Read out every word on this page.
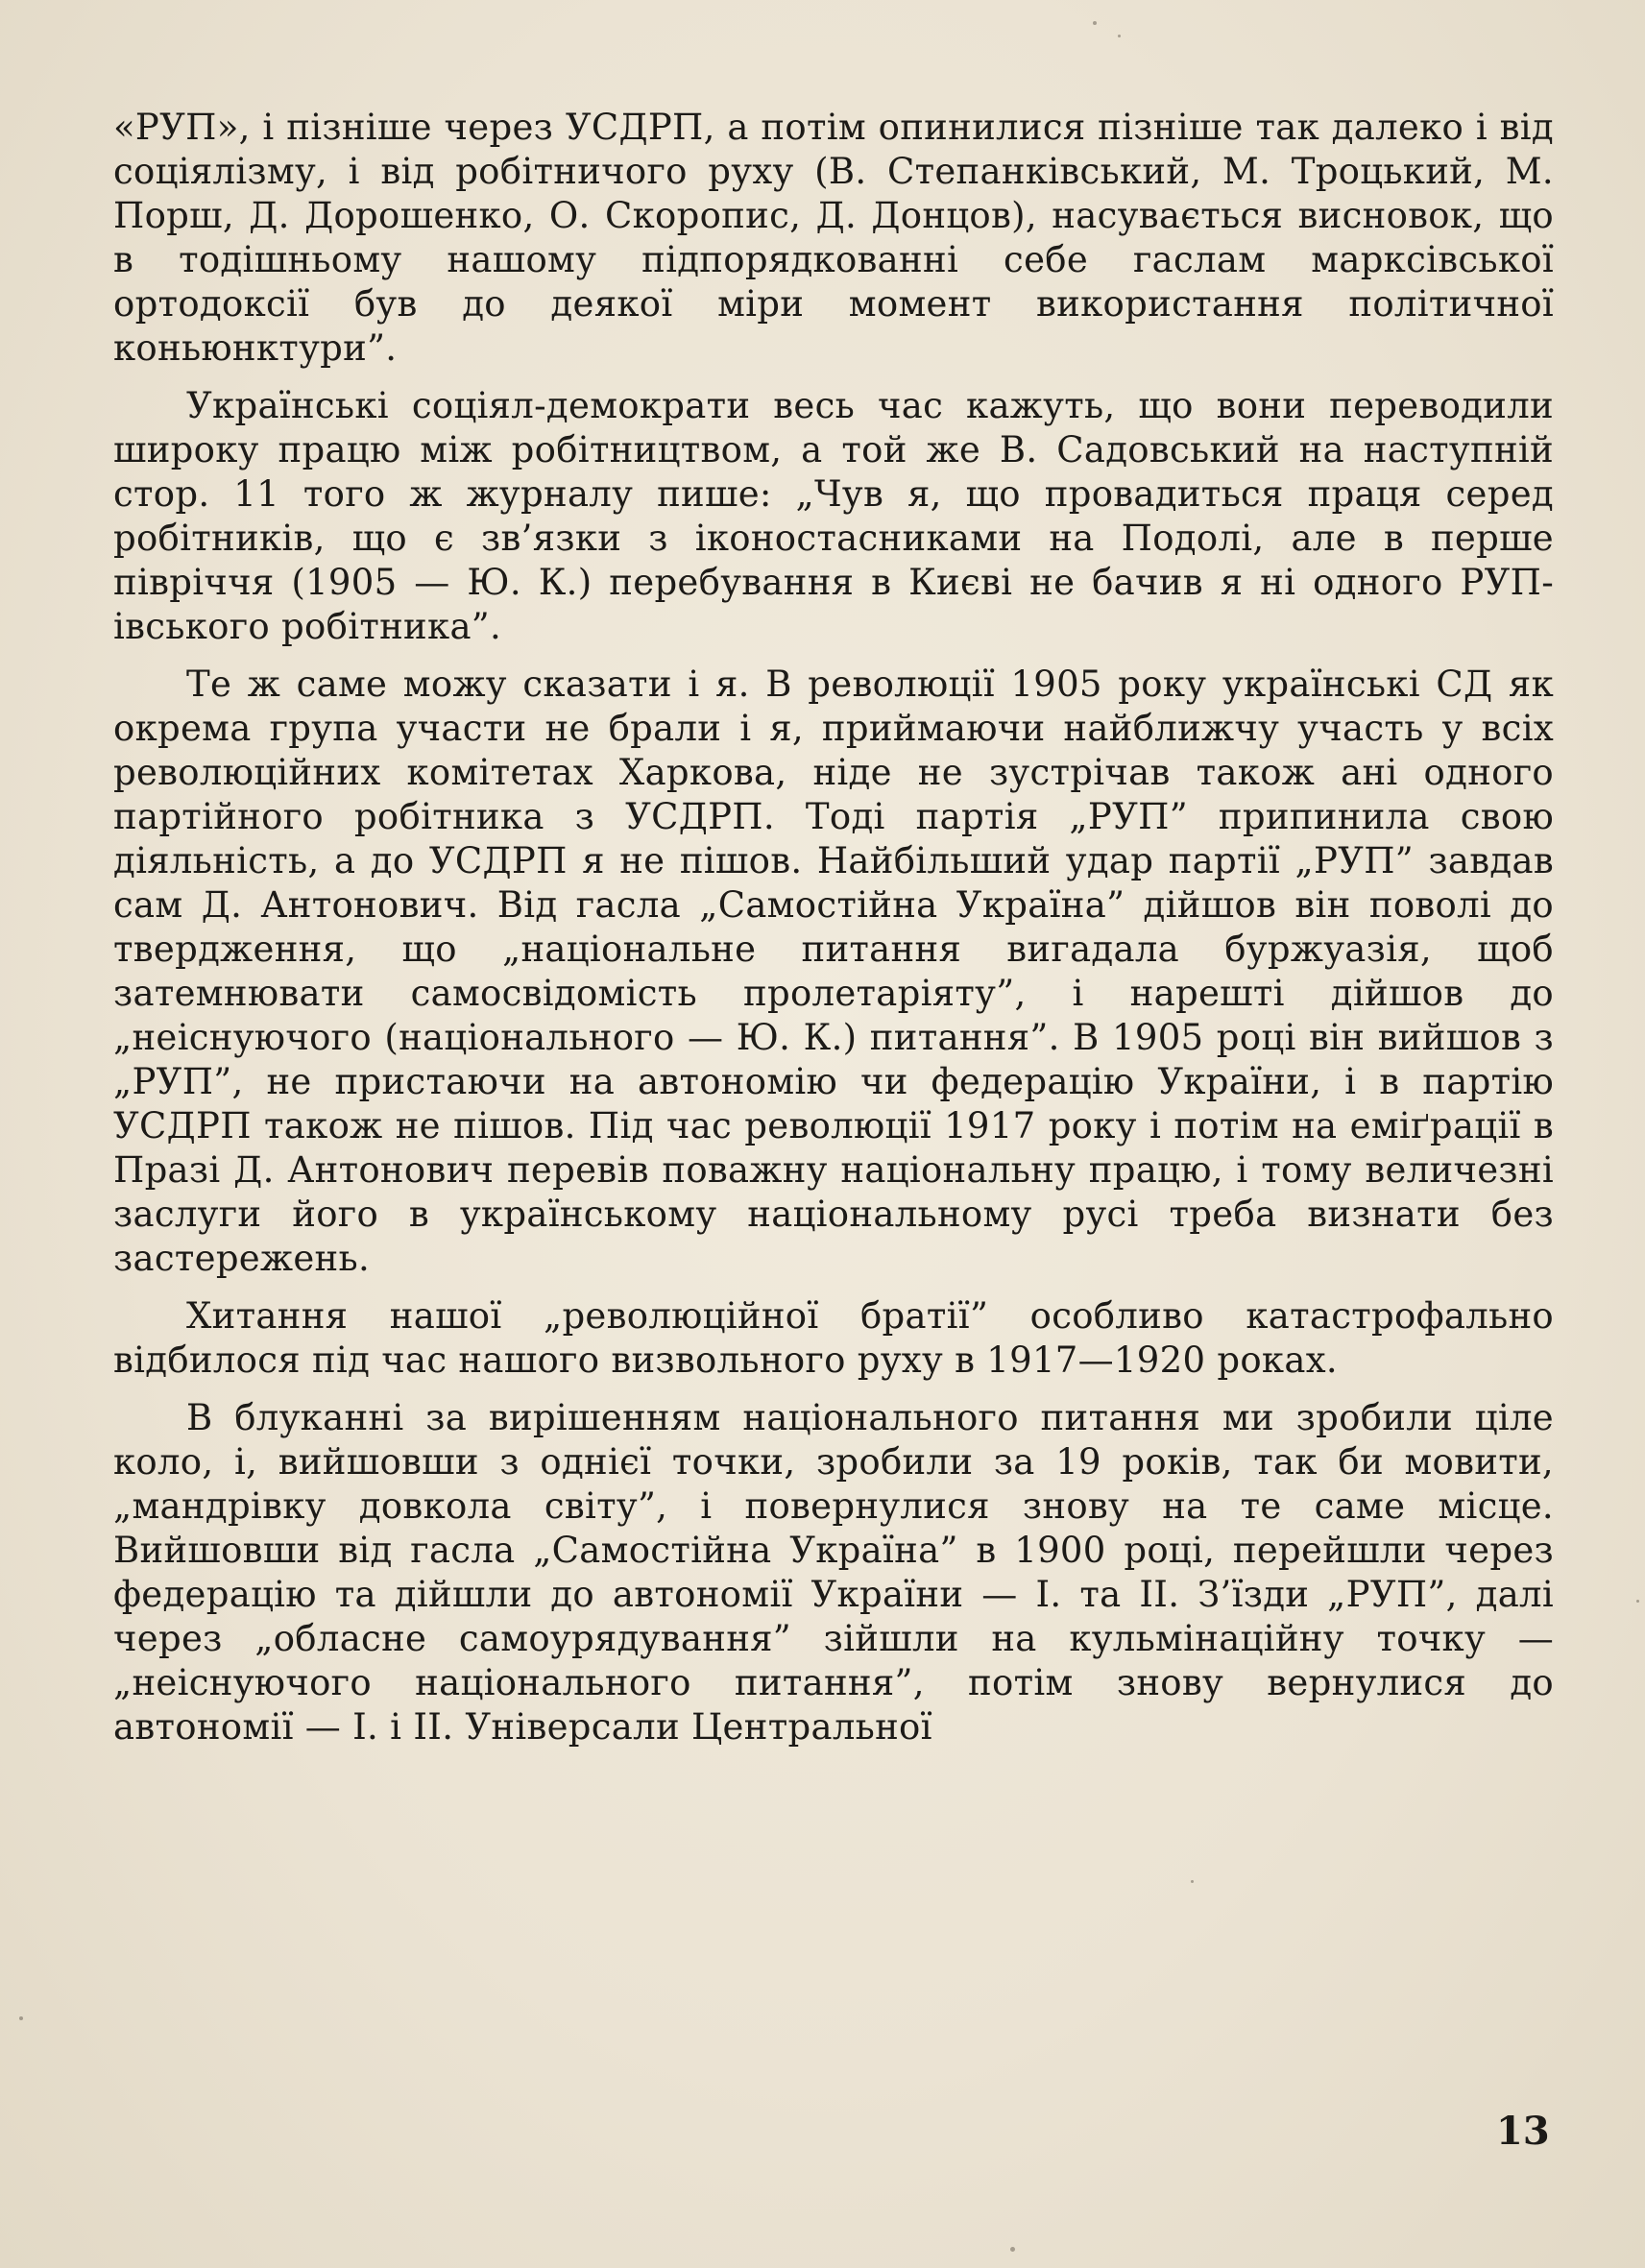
«РУП», і пізніше через УСДРП, а потім опинилися пізніше так далеко і від соціялізму, і від робітничого руху (В. Степанківський, М. Троцький, М. Порш, Д. Дорошенко, О. Скоропис, Д. Донцов), насувається висновок, що в тодішньому нашому підпорядкованні себе гаслам марксівської ортодоксії був до деякої міри момент використання політичної коньюнктури”.

Українські соціял-демократи весь час кажуть, що вони переводили широку працю між робітництвом, а той же В. Садовський на наступній стор. 11 того ж журналу пише: „Чув я, що провадиться праця серед робітників, що є зв’язки з іконостасниками на Подолі, але в перше півріччя (1905 — Ю. К.) перебування в Києві не бачив я ні одного РУП-івського робітника”.

Те ж саме можу сказати і я. В революції 1905 року українські СД як окрема група участи не брали і я, приймаючи найближчу участь у всіх революційних комітетах Харкова, ніде не зустрічав також ані одного партійного робітника з УСДРП. Тоді партія „РУП” припинила свою діяльність, а до УСДРП я не пішов. Найбільший удар партії „РУП” завдав сам Д. Антонович. Від гасла „Самостійна Україна” дійшов він поволі до твердження, що „національне питання вигадала буржуазія, щоб затемнювати самосвідомість пролетаріяту”, і нарешті дійшов до „неіснуючого (національного — Ю. К.) питання”. В 1905 році він вийшов з „РУП”, не пристаючи на автономію чи федерацію України, і в партію УСДРП також не пішов. Під час революції 1917 року і потім на еміґрації в Празі Д. Антонович перевів поважну національну працю, і тому величезні заслуги його в українському національному русі треба визнати без застережень.

Хитання нашої „революційної братії” особливо катастрофально відбилося під час нашого визвольного руху в 1917—1920 роках.

В блуканні за вирішенням національного питання ми зробили ціле коло, і, вийшовши з однієї точки, зробили за 19 років, так би мовити, „мандрівку довкола світу”, і повернулися знову на те саме місце. Вийшовши від гасла „Самостійна Україна” в 1900 році, перейшли через федерацію та дійшли до автономії України — І. та ІІ. З’їзди „РУП”, далі через „обласне самоурядування” зійшли на кульмінаційну точку — „неіснуючого національного питання”, потім знову вернулися до автономії — І. і ІІ. Універсали Центральної

13
